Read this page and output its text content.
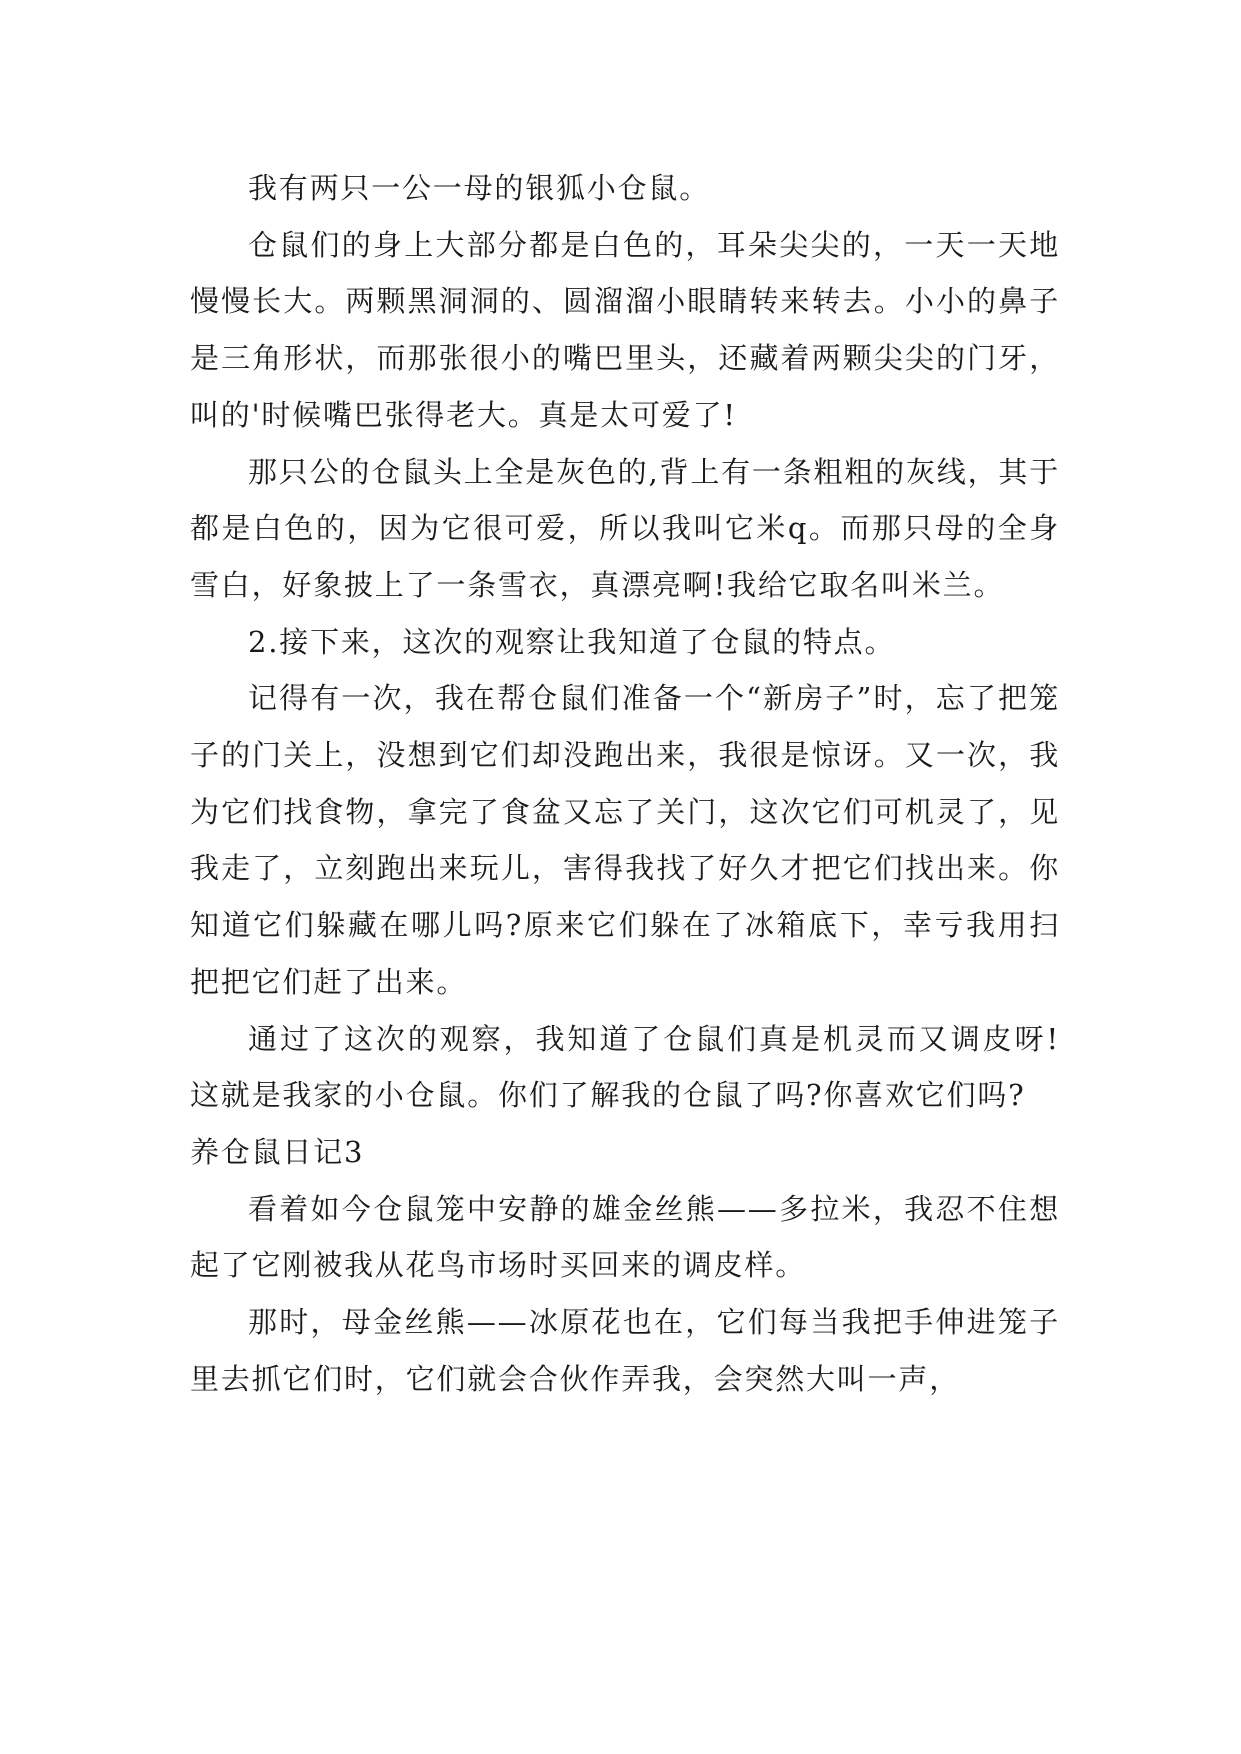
我有两只一公一母的银狐小仓鼠。

仓鼠们的身上大部分都是白色的，耳朵尖尖的，一天一天地慢慢长大。两颗黑洞洞的、圆溜溜小眼睛转来转去。小小的鼻子是三角形状，而那张很小的嘴巴里头，还藏着两颗尖尖的门牙，叫的'时候嘴巴张得老大。真是太可爱了!

那只公的仓鼠头上全是灰色的,背上有一条粗粗的灰线，其于都是白色的，因为它很可爱，所以我叫它米q。而那只母的全身雪白，好象披上了一条雪衣，真漂亮啊!我给它取名叫米兰。

2.接下来，这次的观察让我知道了仓鼠的特点。

记得有一次，我在帮仓鼠们准备一个“新房子”时，忘了把笼子的门关上，没想到它们却没跑出来，我很是惊讶。又一次，我为它们找食物，拿完了食盆又忘了关门，这次它们可机灵了，见我走了，立刻跑出来玩儿，害得我找了好久才把它们找出来。你知道它们躲藏在哪儿吗?原来它们躲在了冰箱底下，幸亏我用扫把把它们赶了出来。

通过了这次的观察，我知道了仓鼠们真是机灵而又调皮呀!这就是我家的小仓鼠。你们了解我的仓鼠了吗?你喜欢它们吗?

养仓鼠日记3

看着如今仓鼠笼中安静的雄金丝熊——多拉米，我忍不住想起了它刚被我从花鸟市场时买回来的调皮样。

那时，母金丝熊——冰原花也在，它们每当我把手伸进笼子里去抓它们时，它们就会合伙作弄我，会突然大叫一声，
